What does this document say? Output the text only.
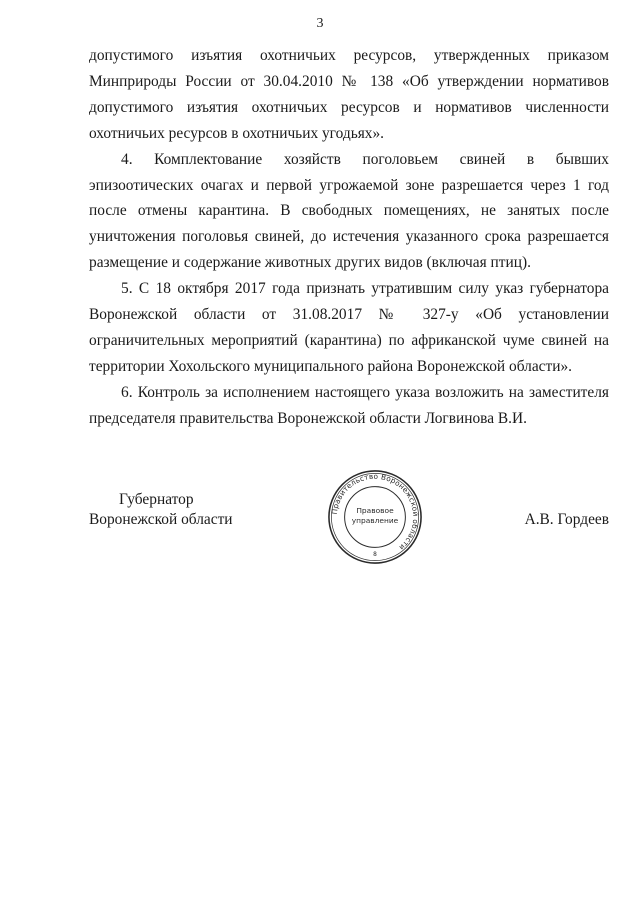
3

допустимого изъятия охотничьих ресурсов, утвержденных приказом Минприроды России от 30.04.2010 № 138 «Об утверждении нормативов допустимого изъятия охотничьих ресурсов и нормативов численности охотничьих ресурсов в охотничьих угодьях».

4. Комплектование хозяйств поголовьем свиней в бывших эпизоотических очагах и первой угрожаемой зоне разрешается через 1 год после отмены карантина. В свободных помещениях, не занятых после уничтожения поголовья свиней, до истечения указанного срока разрешается размещение и содержание животных других видов (включая птиц).

5. С 18 октября 2017 года признать утратившим силу указ губернатора Воронежской области от 31.08.2017 № 327-у «Об установлении ограничительных мероприятий (карантина) по африканской чуме свиней на территории Хохольского муниципального района Воронежской области».

6. Контроль за исполнением настоящего указа возложить на заместителя председателя правительства Воронежской области Логвинова В.И.

Губернатор
Воронежской области	А.В. Гордеев
Правительство Воронежской области
Правовое
управление
8
